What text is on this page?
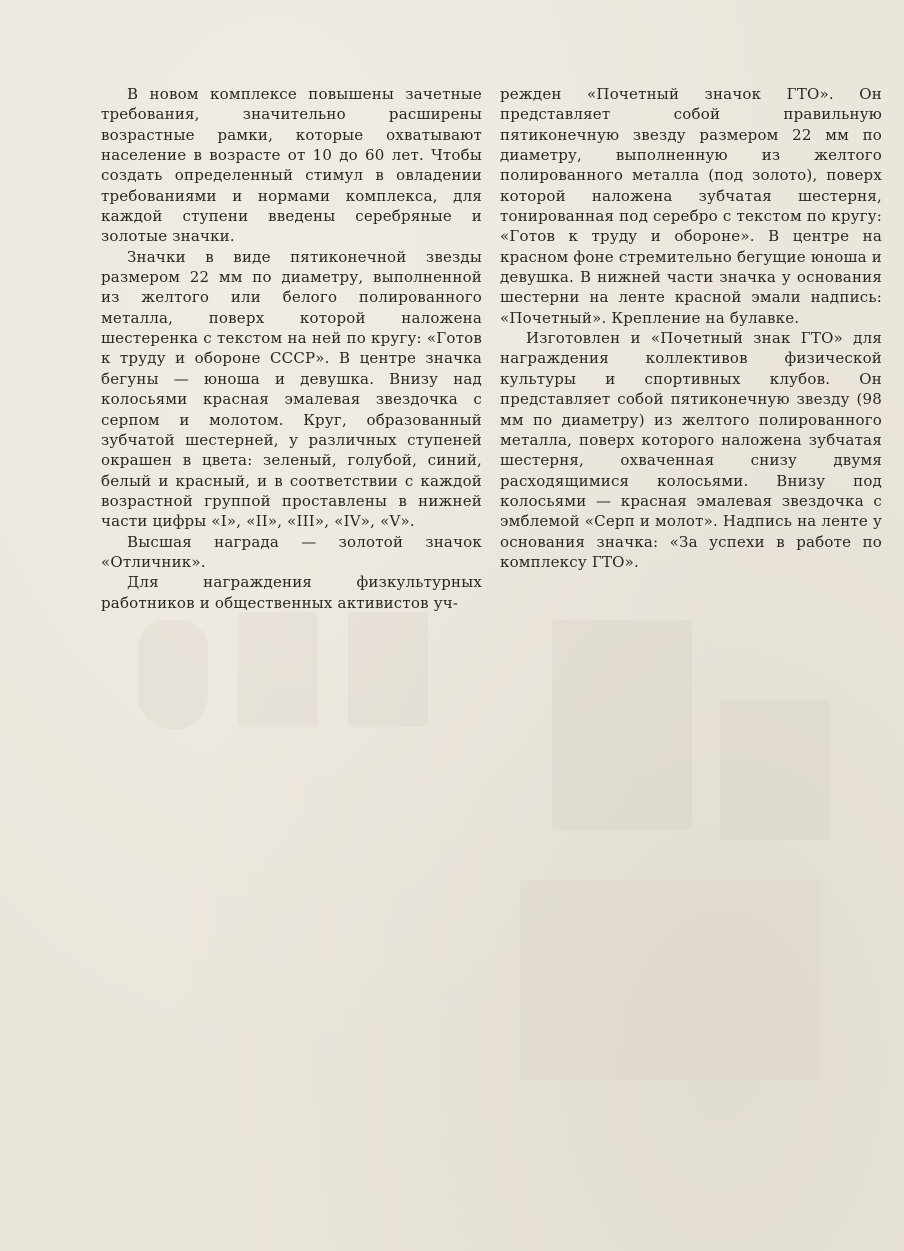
В новом комплексе повышены зачетные требования, значительно расширены возрастные рамки, которые охватывают население в возрасте от 10 до 60 лет. Чтобы создать определенный стимул в овладении требованиями и нормами комплекса, для каждой ступени введены серебряные и золотые значки.

Значки в виде пятиконечной звезды размером 22 мм по диаметру, выполненной из желтого или белого полированного металла, поверх которой наложена шестеренка с текстом на ней по кругу: «Готов к труду и обороне СССР». В центре значка бегуны — юноша и девушка. Внизу над колосьями красная эмалевая звездочка с серпом и молотом. Круг, образованный зубчатой шестерней, у различных ступеней окрашен в цвета: зеленый, голубой, синий, белый и красный, и в соответствии с каждой возрастной группой проставлены в нижней части цифры «I», «II», «III», «IV», «V».

Высшая награда — золотой значок «Отличник».

Для награждения физкультурных работников и общественных активистов уч-

режден «Почетный значок ГТО». Он представляет собой правильную пятиконечную звезду размером 22 мм по диаметру, выполненную из желтого полированного металла (под золото), поверх которой наложена зубчатая шестерня, тонированная под серебро с текстом по кругу: «Готов к труду и обороне». В центре на красном фоне стремительно бегущие юноша и девушка. В нижней части значка у основания шестерни на ленте красной эмали надпись: «Почетный». Крепление на булавке.

Изготовлен и «Почетный знак ГТО» для награждения коллективов физической культуры и спортивных клубов. Он представляет собой пятиконечную звезду (98 мм по диаметру) из желтого полированного металла, поверх которого наложена зубчатая шестерня, охваченная снизу двумя расходящимися колосьями. Внизу под колосьями — красная эмалевая звездочка с эмблемой «Серп и молот». Надпись на ленте у основания значка: «За успехи в работе по комплексу ГТО».
